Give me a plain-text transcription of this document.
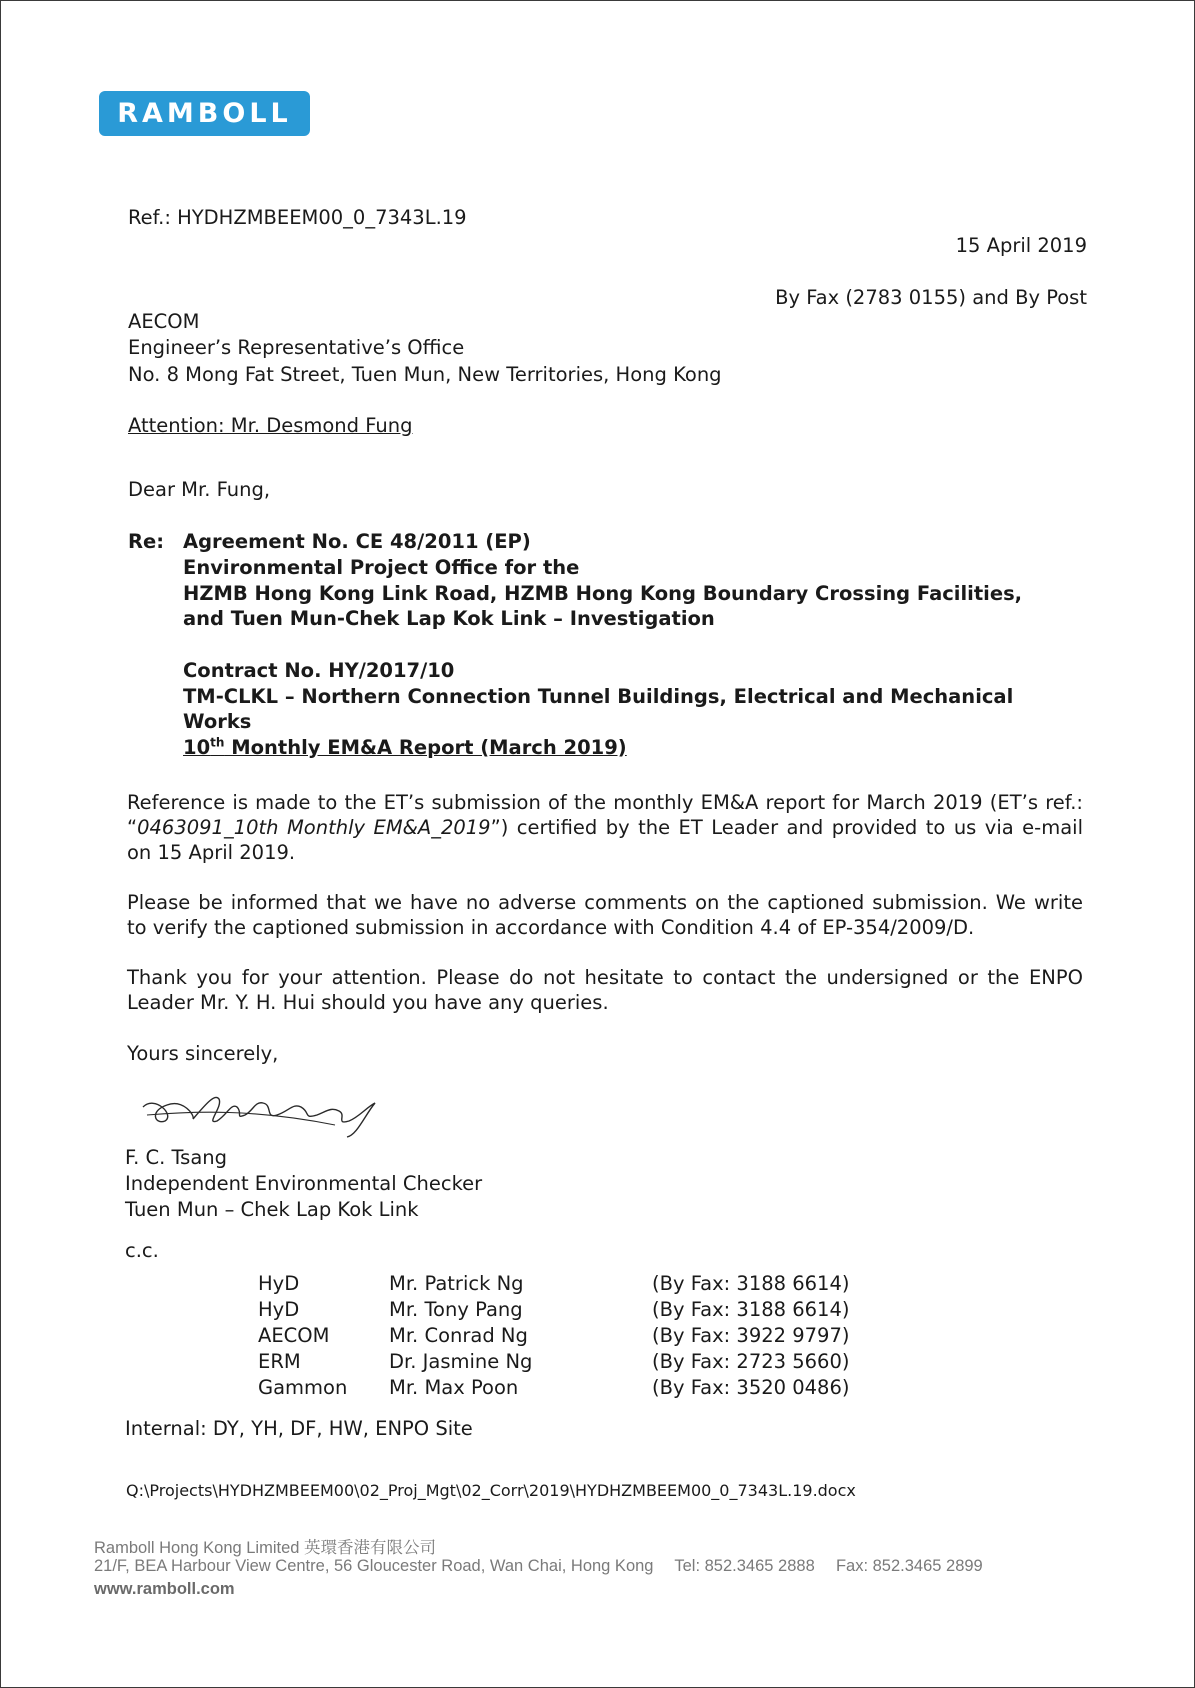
RAMBOLL
Ref.: HYDHZMBEEM00_0_7343L.19
15 April 2019
By Fax (2783 0155) and By Post
AECOM
Engineer’s Representative’s Office
No. 8 Mong Fat Street, Tuen Mun, New Territories, Hong Kong
Attention: Mr. Desmond Fung
Dear Mr. Fung,
Re: Agreement No. CE 48/2011 (EP)
Environmental Project Office for the
HZMB Hong Kong Link Road, HZMB Hong Kong Boundary Crossing Facilities,
and Tuen Mun-Chek Lap Kok Link – Investigation
Contract No. HY/2017/10
TM-CLKL – Northern Connection Tunnel Buildings, Electrical and Mechanical
Works
10th Monthly EM&A Report (March 2019)
Reference is made to the ET’s submission of the monthly EM&A report for March 2019 (ET’s ref.: “0463091_10th Monthly EM&A_2019”) certified by the ET Leader and provided to us via e-mail on 15 April 2019.
Please be informed that we have no adverse comments on the captioned submission. We write to verify the captioned submission in accordance with Condition 4.4 of EP-354/2009/D.
Thank you for your attention. Please do not hesitate to contact the undersigned or the ENPO Leader Mr. Y. H. Hui should you have any queries.
Yours sincerely,
F. C. Tsang
Independent Environmental Checker
Tuen Mun – Chek Lap Kok Link
c.c.
HyD	Mr. Patrick Ng	(By Fax: 3188 6614)
HyD	Mr. Tony Pang	(By Fax: 3188 6614)
AECOM	Mr. Conrad Ng	(By Fax: 3922 9797)
ERM	Dr. Jasmine Ng	(By Fax: 2723 5660)
Gammon Mr. Max Poon	(By Fax: 3520 0486)
Internal: DY, YH, DF, HW, ENPO Site
Q:\Projects\HYDHZMBEEM00\02_Proj_Mgt\02_Corr\2019\HYDHZMBEEM00_0_7343L.19.docx
Ramboll Hong Kong Limited 英環香港有限公司
21/F, BEA Harbour View Centre, 56 Gloucester Road, Wan Chai, Hong Kong Tel: 852.3465 2888 Fax: 852.3465 2899
www.ramboll.com
